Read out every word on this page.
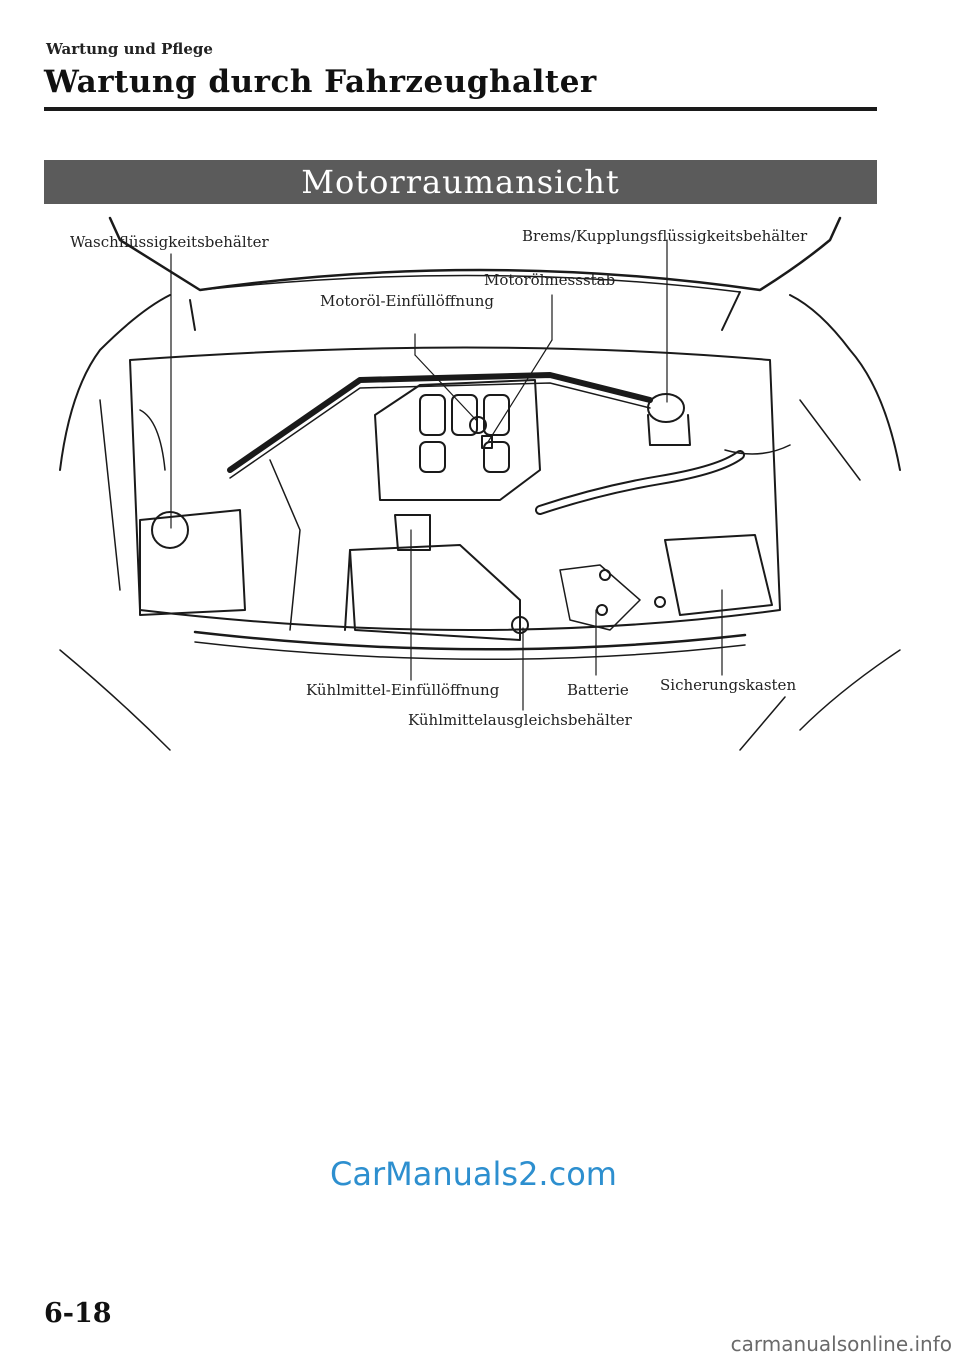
Wartung und Pflege
Wartung durch Fahrzeughalter
Motorraumansicht
Waschflüssigkeitsbehälter	Brems/Kupplungsflüssigkeitsbehälter
Motorölmessstab
Motoröl-Einfüllöffnung
Kühlmittel-Einfüllöffnung	Batterie Sicherungskasten
Kühlmittelausgleichsbehälter
CarManuals2.com
6-18
carmanualsonline.info
